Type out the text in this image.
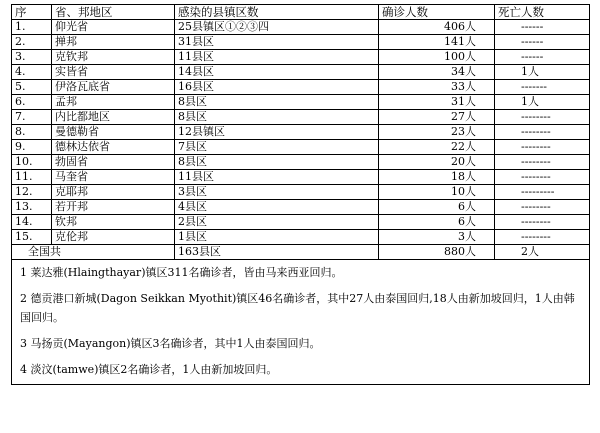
序	省、邦地区	感染的县镇区数	确诊人数	死亡人数
1.	仰光省	25县镇区①②③四	406人	------
2.	掸邦	31县区	141人	------
3.	克钦邦	11县区	100人	------
4.	实皆省	14县区	34人	1人
5.	伊洛瓦底省	16县区	33人	-------
6.	孟邦	8县区	31人	1人
7.	内比都地区	8县区	27人	--------
8.	曼德勒省	12县镇区	23人	--------
9.	德林达依省	7县区	22人	--------
10.	勃固省	8县区	20人	--------
11.	马奎省	11县区	18人	--------
12.	克耶邦	3县区	10人	---------
13.	若开邦	4县区	6人	--------
14.	钦邦	2县区	6人	--------
15.	克伦邦	1县区	3人	--------
全国共		163县区	880人	2人

1 莱达雅(Hlaingthayar)镇区311名确诊者，皆由马来西亚回归。

2 德贡港口新城(Dagon Seikkan Myothit)镇区46名确诊者，其中27人由泰国回归,18人由新加坡回归，1人由韩国回归。

3 马扬贡(Mayangon)镇区3名确诊者，其中1人由泰国回归。

4 淡汶(tamwe)镇区2名确诊者，1人由新加坡回归。				
